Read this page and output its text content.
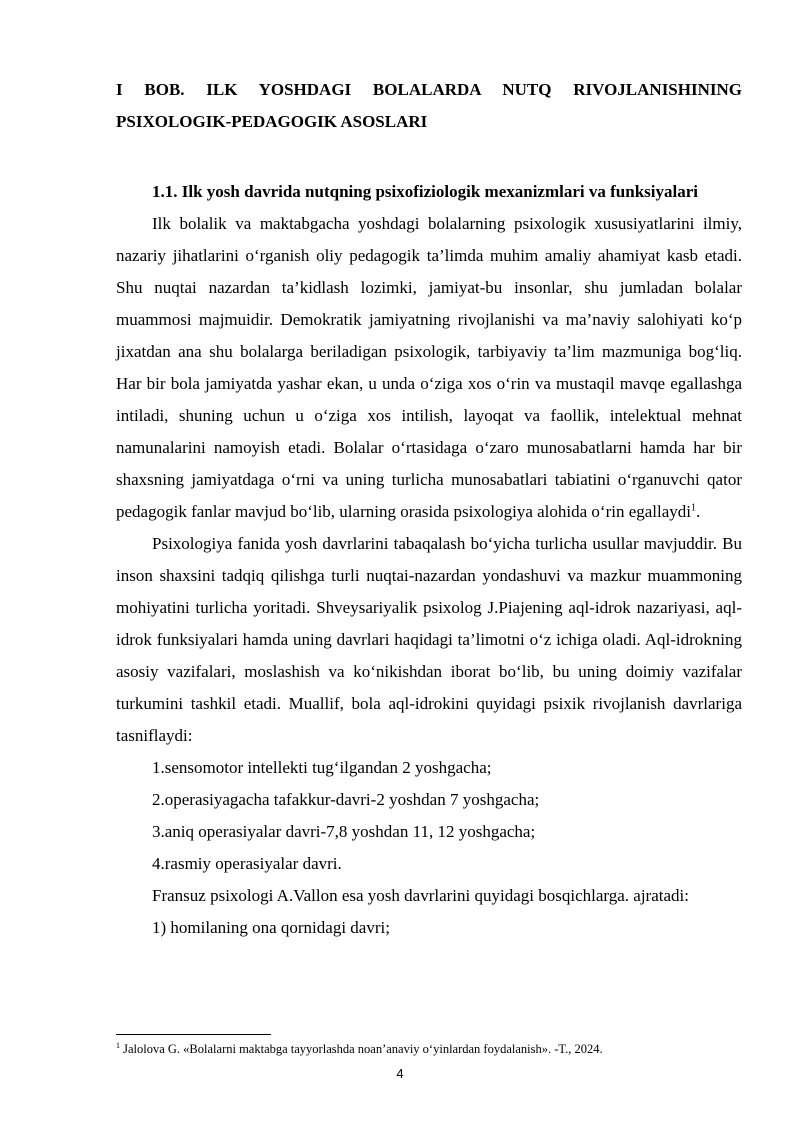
I BOB. ILK YOSHDAGI BOLALARDA NUTQ RIVOJLANISHINING
PSIXOLOGIK-PEDAGOGIK ASOSLARI
1.1. Ilk yosh davrida nutqning psixofiziologik mexanizmlari va funksiyalari

Ilk bolalik va maktabgacha yoshdagi bolalarning psixologik xususiyatlarini ilmiy, nazariy jihatlarini o‘rganish oliy pedagogik ta’limda muhim amaliy ahamiyat kasb etadi. Shu nuqtai nazardan ta’kidlash lozimki, jamiyat-bu insonlar, shu jumladan bolalar muammosi majmuidir. Demokratik jamiyatning rivojlanishi va ma’naviy salohiyati ko‘p jixatdan ana shu bolalarga beriladigan psixologik, tarbiyaviy ta’lim mazmuniga bog‘liq. Har bir bola jamiyatda yashar ekan, u unda o‘ziga xos o‘rin va mustaqil mavqe egallashga intiladi, shuning uchun u o‘ziga xos intilish, layoqat va faollik, intelektual mehnat namunalarini namoyish etadi. Bolalar o‘rtasidaga o‘zaro munosabatlarni hamda har bir shaxsning jamiyatdaga o‘rni va uning turlicha munosabatlari tabiatini o‘rganuvchi qator pedagogik fanlar mavjud bo‘lib, ularning orasida psixologiya alohida o‘rin egallaydi$^1$.

Psixologiya fanida yosh davrlarini tabaqalash bo‘yicha turlicha usullar mavjuddir. Bu inson shaxsini tadqiq qilishga turli nuqtai-nazardan yondashuvi va mazkur muammoning mohiyatini turlicha yoritadi. Shveysariyalik psixolog J.Piajening aql-idrok nazariyasi, aql-idrok funksiyalari hamda uning davrlari haqidagi ta’limotni o‘z ichiga oladi. Aql-idrokning asosiy vazifalari, moslashish va ko‘nikishdan iborat bo‘lib, bu uning doimiy vazifalar turkumini tashkil etadi. Muallif, bola aql-idrokini quyidagi psixik rivojlanish davrlariga tasniflaydi:

1.sensomotor intellekti tug‘ilgandan 2 yoshgacha;

2.operasiyagacha tafakkur-davri-2 yoshdan 7 yoshgacha;

3.aniq operasiyalar davri-7,8 yoshdan 11, 12 yoshgacha;

4.rasmiy operasiyalar davri.

Fransuz psixologi A.Vallon esa yosh davrlarini quyidagi bosqichlarga. ajratadi:

1) homilaning ona qornidagi davri;

$^1$ Jalolova G. «Bolalarni maktabga tayyorlashda noan’anaviy o‘yinlardan foydalanish». -T., 2024.
4
